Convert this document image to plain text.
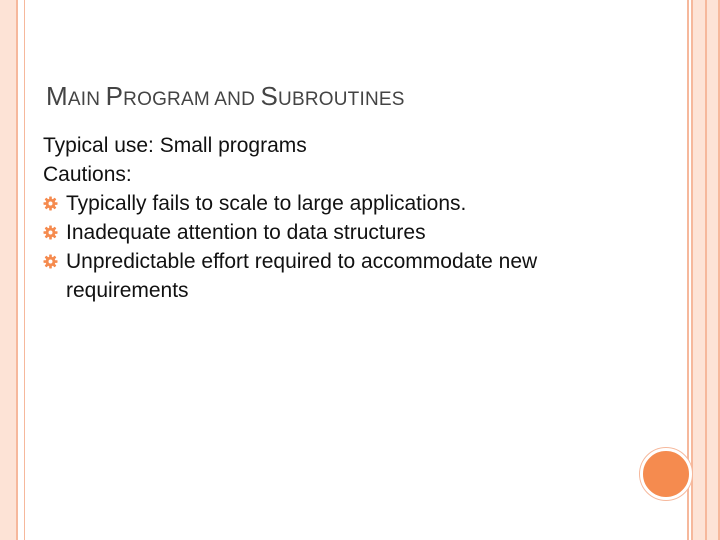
MAIN PROGRAM AND SUBROUTINES

Typical use: Small programs

Cautions:

Typically fails to scale to large applications.
Inadequate attention to data structures
Unpredictable effort required to accommodate new requirements
